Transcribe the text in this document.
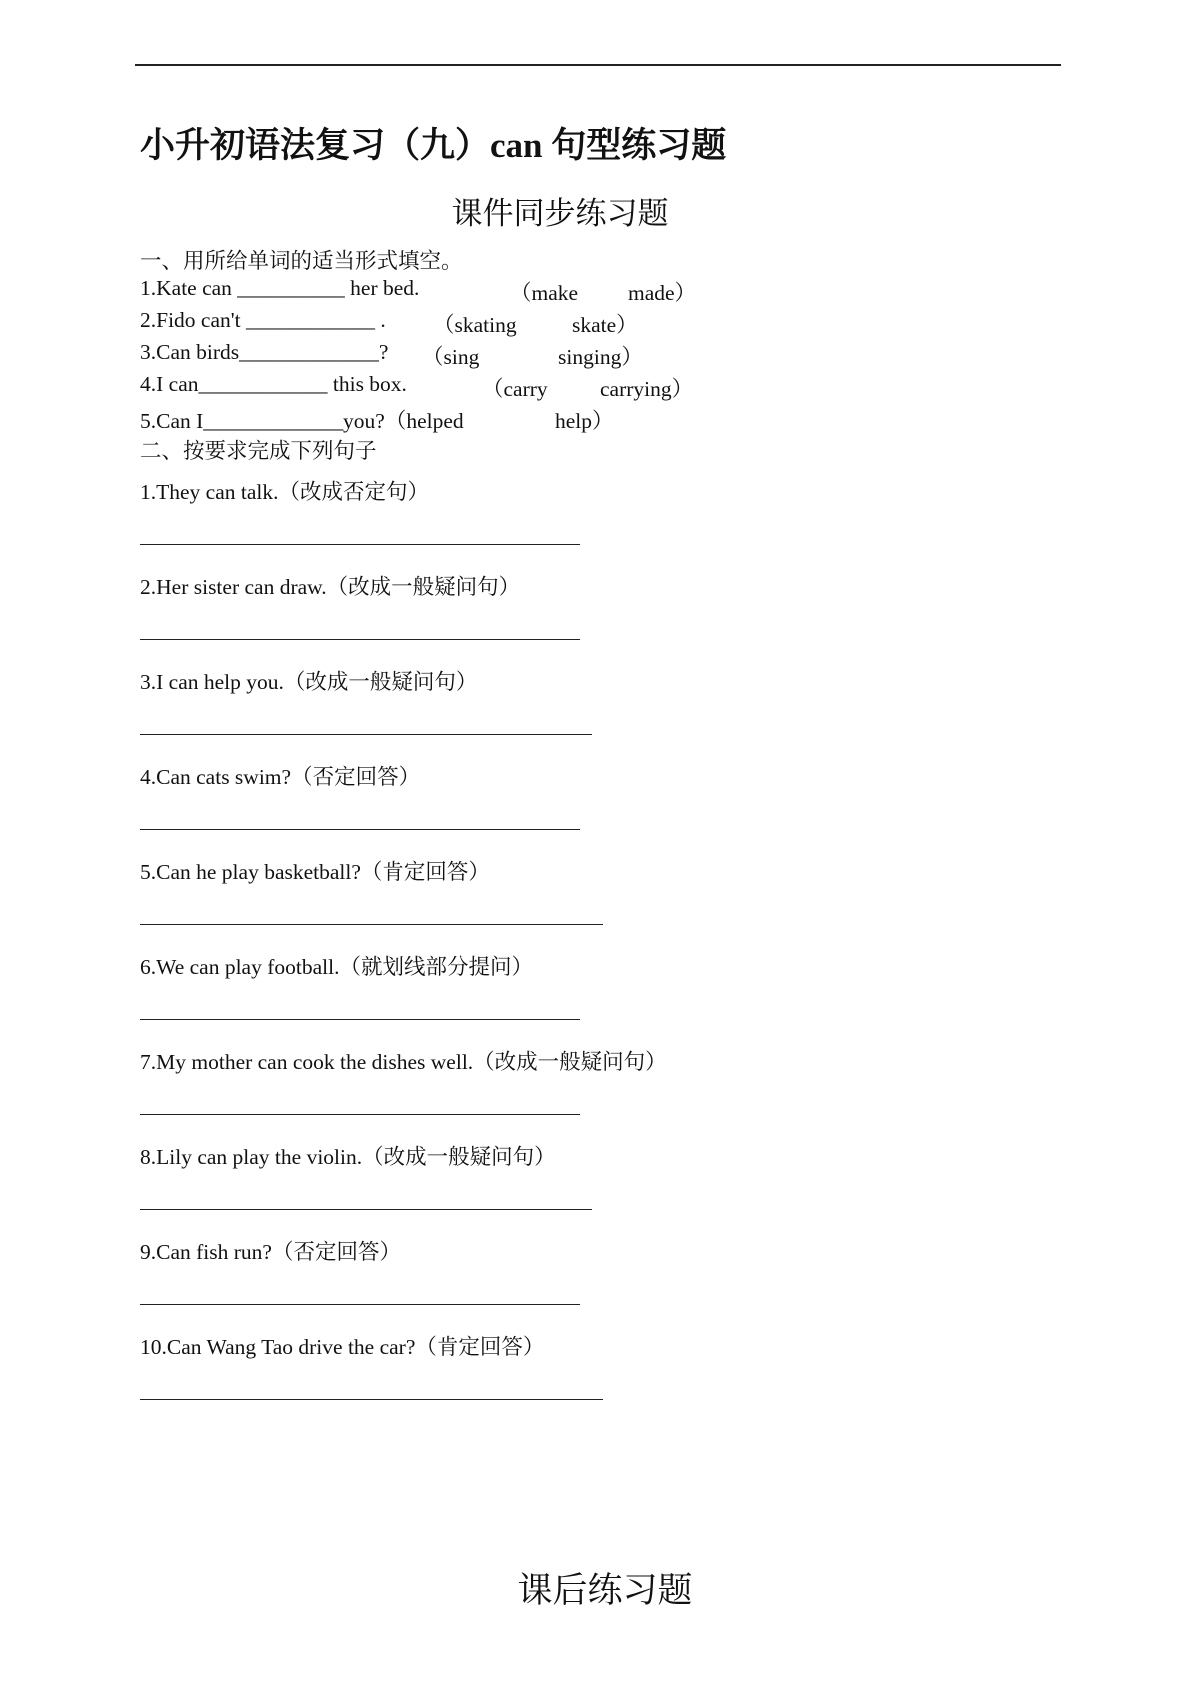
小升初语法复习（九）can 句型练习题
课件同步练习题
一、用所给单词的适当形式填空。
1.Kate can __________ her bed.	（make made）
2.Fido can't ____________ . （skating	skate）
3.Can birds_____________? （sing	singing）
4.I can____________ this box.	（carry carrying）
5.Can I_____________you?（helped	help）
二、按要求完成下列句子
1.They can talk.（改成否定句）
2.Her sister can draw.（改成一般疑问句）
3.I can help you.（改成一般疑问句）
4.Can cats swim?（否定回答）
5.Can he play basketball?（肯定回答）
6.We can play football.（就划线部分提问）
7.My mother can cook the dishes well.（改成一般疑问句）
8.Lily can play the violin.（改成一般疑问句）
9.Can fish run?（否定回答）
10.Can Wang Tao drive the car?（肯定回答）
课后练习题
